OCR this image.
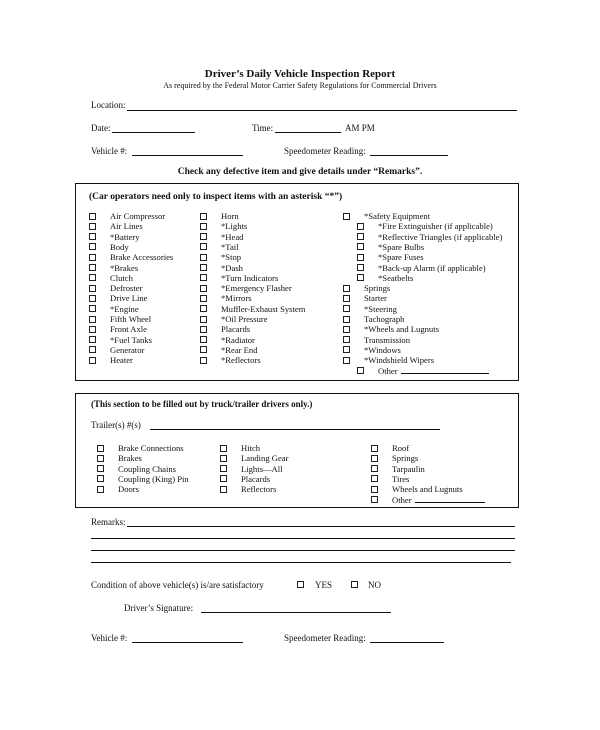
Driver’s Daily Vehicle Inspection Report
As required by the Federal Motor Carrier Safety Regulations for Commercial Drivers
Location:
Date:	Time:	AM PM
Vehicle #:	Speedometer Reading:
Check any defective item and give details under “Remarks”.
(Car operators need only to inspect items with an asterisk “*”)
Air Compressor
Air Lines
*Battery
Body
Brake Accessories
*Brakes
Clutch
Defroster
Drive Line
*Engine
Fifth Wheel
Front Axle
*Fuel Tanks
Generator
Heater
Horn
*Lights
*Head
*Tail
*Stop
*Dash
*Turn Indicators
*Emergency Flasher
*Mirrors
Muffler-Exhaust System
*Oil Pressure
Placards
*Radiator
*Rear End
*Reflectors
*Safety Equipment
*Fire Extinguisher (if applicable)
*Reflective Triangles (if applicable)
*Spare Bulbs
*Spare Fuses
*Back-up Alarm (if applicable)
*Seatbelts
Springs
Starter
*Steering
Tachograph
*Wheels and Lugnuts
Transmission
*Windows
*Windshield Wipers
Other
(This section to be filled out by truck/trailer drivers only.)
Trailer(s) #(s)
Brake Connections
Brakes
Coupling Chains
Coupling (King) Pin
Doors
Hitch
Landing Gear
Lights—All
Placards
Reflectors
Roof
Springs
Tarpaulin
Tires
Wheels and Lugnuts
Other
Remarks:
Condition of above vehicle(s) is/are satisfactory	YES	NO
Driver’s Signature:
Vehicle #:	Speedometer Reading:
